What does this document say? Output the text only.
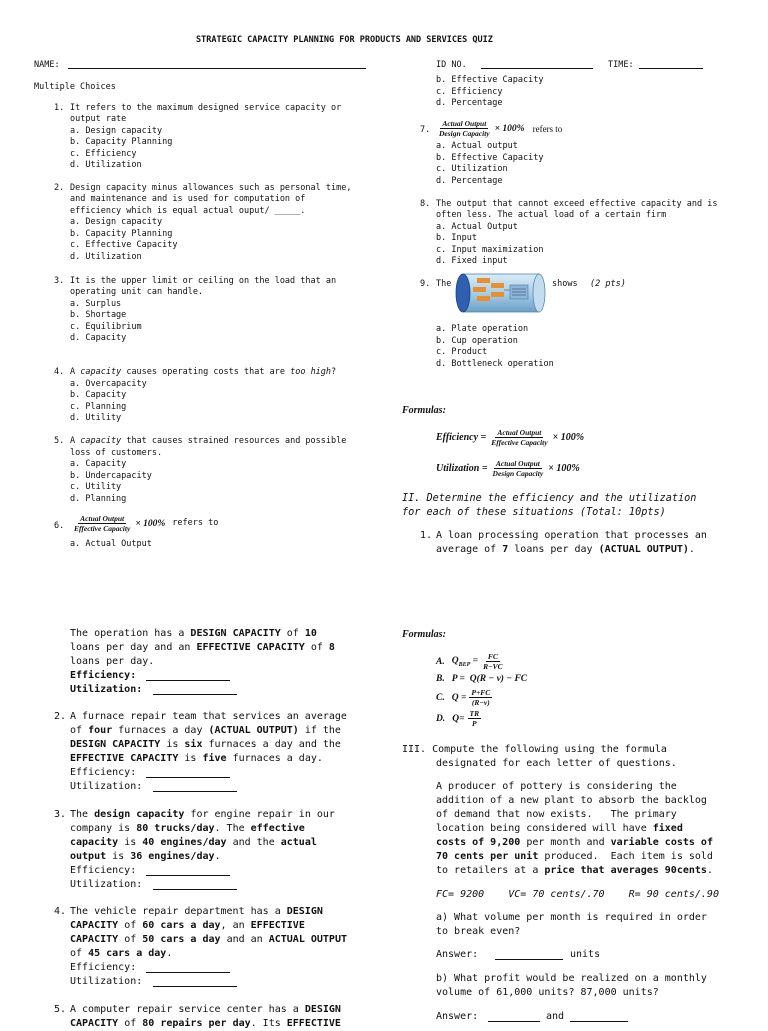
STRATEGIC CAPACITY PLANNING FOR PRODUCTS AND SERVICES QUIZ
NAME:	ID NO.	TIME:
Multiple Choices
1. It refers to the maximum designed service capacity or
output rate
a. Design capacity
b. Capacity Planning
c. Efficiency
d. Utilization
2. Design capacity minus allowances such as personal time,
and maintenance and is used for computation of
efficiency which is equal actual ouput/ _____.
a. Design capacity
b. Capacity Planning
c. Effective Capacity
d. Utilization
3. It is the upper limit or ceiling on the load that an
operating unit can handle.
a. Surplus
b. Shortage
c. Equilibrium
d. Capacity
4. A capacity causes operating costs that are too high?
a. Overcapacity
b. Capacity
c. Planning
d. Utility
5. A capacity that causes strained resources and possible
loss of customers.
a. Capacity
b. Undercapacity
c. Utility
d. Planning
6. $\frac{\text{Actual Output}}{\text{Effective Capacity}} \times 100\%$ refers to
a. Actual Output
b. Effective Capacity
c. Efficiency
d. Percentage
7. $\frac{\text{Actual Output}}{\text{Design Capacity}} \times 100\%$ refers to
a. Actual output
b. Effective Capacity
c. Utilization
d. Percentage
8. The output that cannot exceed effective capacity and is
often less. The actual load of a certain firm
a. Actual Output
b. Input
c. Input maximization
d. Fixed input
9. The	shows (2 pts)
a. Plate operation
b. Cup operation
c. Product
d. Bottleneck operation
Formulas:
Efficiency = $\frac{\text{Actual Output}}{\text{Effective Capacity}} \times 100\%$
Utilization = $\frac{\text{Actual Output}}{\text{Design Capacity}} \times 100\%$
II. Determine the efficiency and the utilization
for each of these situations (Total: 10pts)
1. A loan processing operation that processes an
average of 7 loans per day (ACTUAL OUTPUT).
The operation has a DESIGN CAPACITY of 10
loans per day and an EFFECTIVE CAPACITY of 8
loans per day.
Efficiency:
Utilization:
2. A furnace repair team that services an average
of four furnaces a day (ACTUAL OUTPUT) if the
DESIGN CAPACITY is six furnaces a day and the
EFFECTIVE CAPACITY is five furnaces a day.
Efficiency:
Utilization:
3. The design capacity for engine repair in our
company is 80 trucks/day. The effective
capacity is 40 engines/day and the actual
output is 36 engines/day.
Efficiency:
Utilization:
4. The vehicle repair department has a DESIGN
CAPACITY of 60 cars a day, an EFFECTIVE
CAPACITY of 50 cars a day and an ACTUAL OUTPUT
of 45 cars a day.
Efficiency:
Utilization:
5. A computer repair service center has a DESIGN
CAPACITY of 80 repairs per day. Its EFFECTIVE
Formulas:
A. $Q_{BEP} = \frac{FC}{R-VC}$
B. P =  Q(R − v) − FC
C. $Q = \frac{P+FC}{(R-v)}$
D. $Q= \frac{TR}{P}$
III. Compute the following using the formula
designated for each letter of questions.
A producer of pottery is considering the
addition of a new plant to absorb the backlog
of demand that now exists.   The primary
location being considered will have fixed
costs of 9,200 per month and variable costs of
70 cents per unit produced.  Each item is sold
to retailers at a price that averages 90cents.
FC= 9200    VC= 70 cents/.70    R= 90 cents/.90
a) What volume per month is required in order
to break even?
Answer:	units
b) What profit would be realized on a monthly
volume of 61,000 units? 87,000 units?
Answer:	and
